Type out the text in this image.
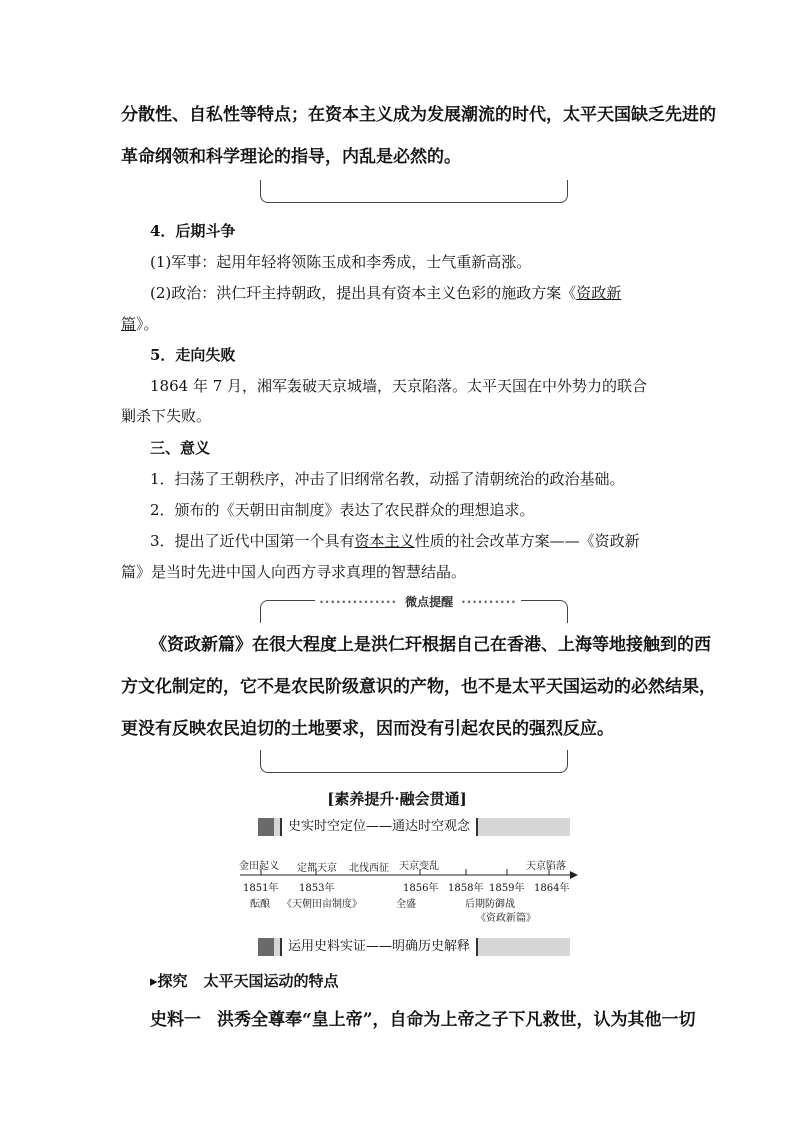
分散性、自私性等特点；在资本主义成为发展潮流的时代，太平天国缺乏先进的
革命纲领和科学理论的指导，内乱是必然的。
4．后期斗争
(1)军事：起用年轻将领陈玉成和李秀成，士气重新高涨。
(2)政治：洪仁玕主持朝政，提出具有资本主义色彩的施政方案《资政新
篇》。
5．走向失败
1864 年 7 月，湘军轰破天京城墙，天京陷落。太平天国在中外势力的联合
剿杀下失败。
三、意义
1．扫荡了王朝秩序，冲击了旧纲常名教，动摇了清朝统治的政治基础。
2．颁布的《天朝田亩制度》表达了农民群众的理想追求。
3．提出了近代中国第一个具有资本主义性质的社会改革方案——《资政新
篇》是当时先进中国人向西方寻求真理的智慧结晶。
·············· 微点提醒 ··········
《资政新篇》在很大程度上是洪仁玕根据自己在香港、上海等地接触到的西
方文化制定的，它不是农民阶级意识的产物，也不是太平天国运动的必然结果，
更没有反映农民迫切的土地要求，因而没有引起农民的强烈反应。
[素养提升·融会贯通]
史实时空定位——通达时空观念
金田起义 定都天京 北伐西征 天京变乱	天京陷落
1851年 1853年	1856年 1858年 1859年 1864年
酝酿 《天朝田亩制度》	全盛	后期防御战
《资政新篇》
运用史料实证——明确历史解释
▸探究 太平天国运动的特点
史料一 洪秀全尊奉“皇上帝”，自命为上帝之子下凡救世，认为其他一切
